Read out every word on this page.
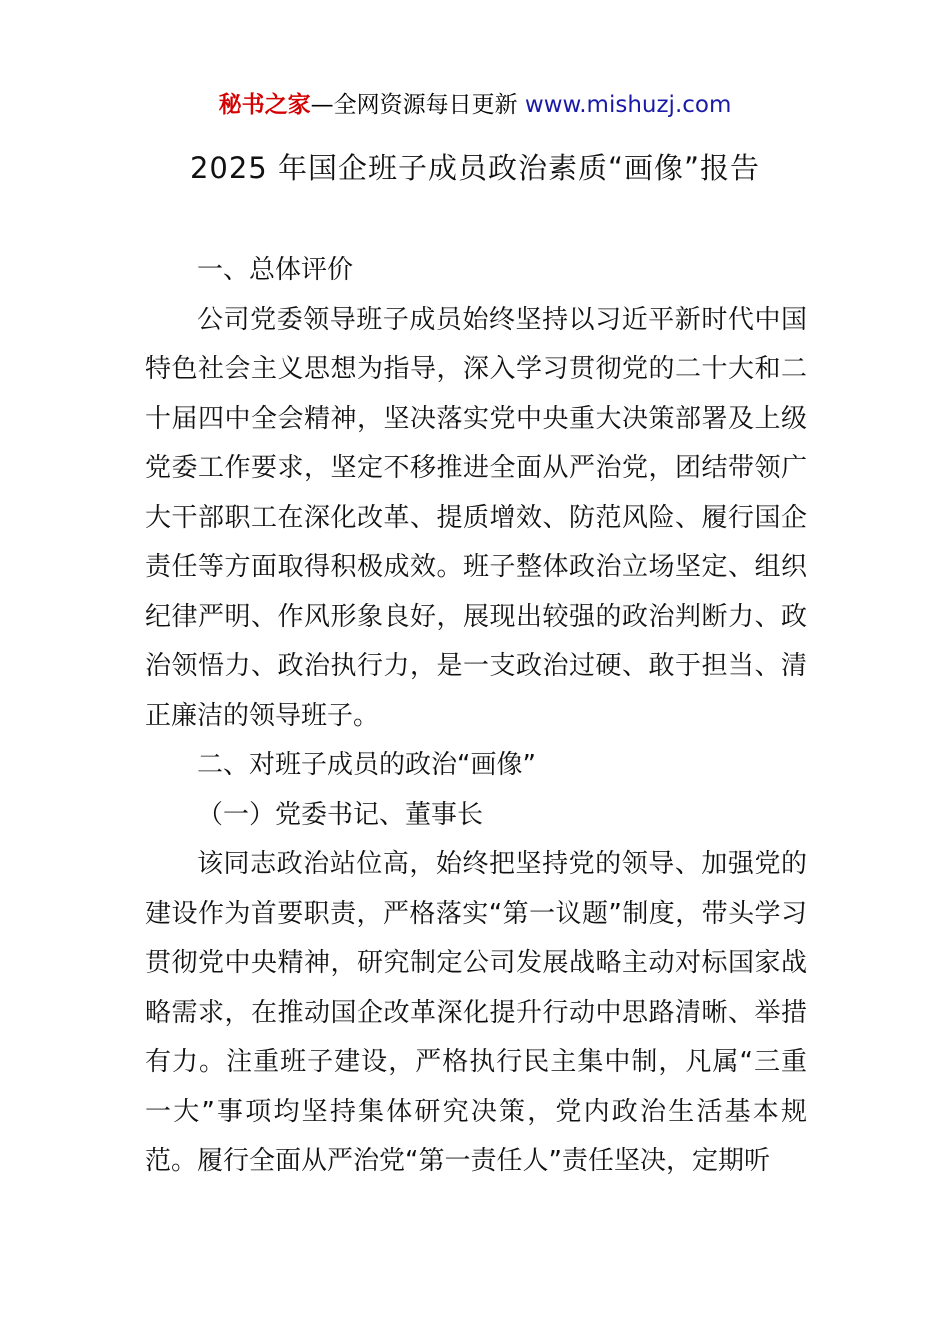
秘书之家—全网资源每日更新 www.mishuzj.com
2025 年国企班子成员政治素质“画像”报告

一、总体评价

公司党委领导班子成员始终坚持以习近平新时代中国特色社会主义思想为指导，深入学习贯彻党的二十大和二十届四中全会精神，坚决落实党中央重大决策部署及上级党委工作要求，坚定不移推进全面从严治党，团结带领广大干部职工在深化改革、提质增效、防范风险、履行国企责任等方面取得积极成效。班子整体政治立场坚定、组织纪律严明、作风形象良好，展现出较强的政治判断力、政治领悟力、政治执行力，是一支政治过硬、敢于担当、清正廉洁的领导班子。

二、对班子成员的政治“画像”

（一）党委书记、董事长

该同志政治站位高，始终把坚持党的领导、加强党的建设作为首要职责，严格落实“第一议题”制度，带头学习贯彻党中央精神，研究制定公司发展战略主动对标国家战略需求，在推动国企改革深化提升行动中思路清晰、举措有力。注重班子建设，严格执行民主集中制，凡属“三重一大”事项均坚持集体研究决策，党内政治生活基本规范。履行全面从严治党“第一责任人”责任坚决，定期听
